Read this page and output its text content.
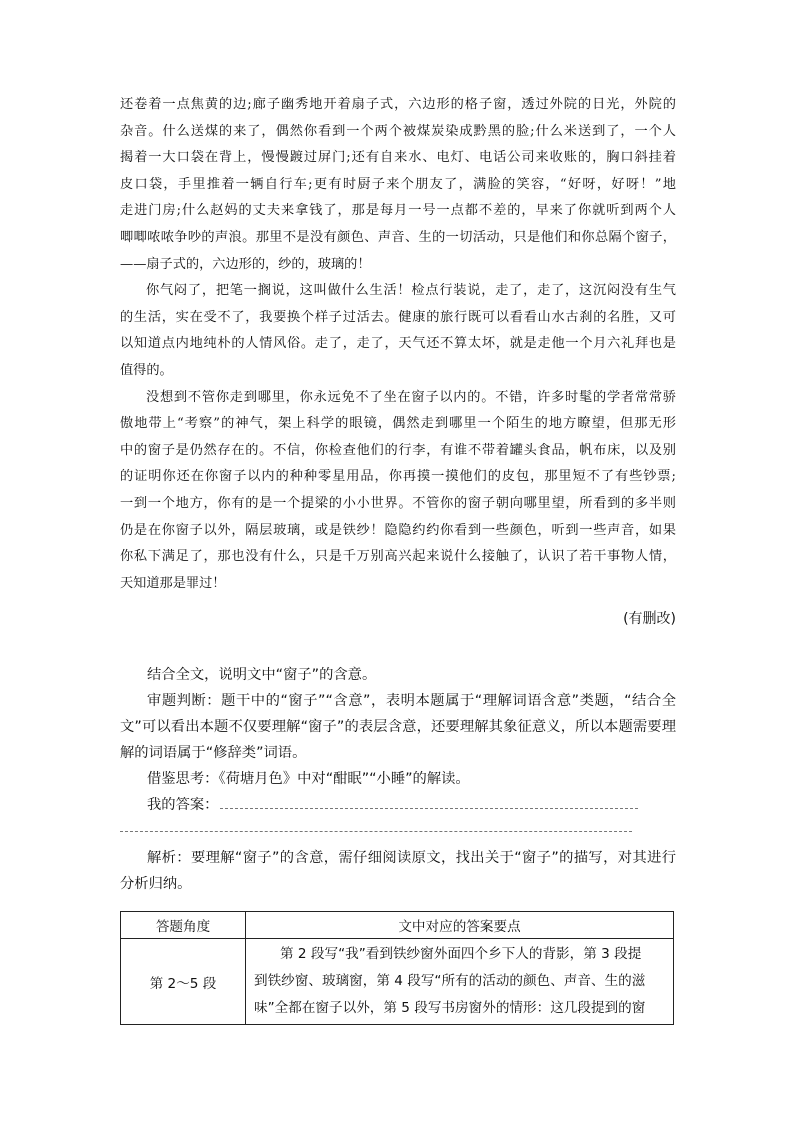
还卷着一点焦黄的边;廊子幽秀地开着扇子式，六边形的格子窗，透过外院的日光，外院的
杂音。什么送煤的来了，偶然你看到一个两个被煤炭染成黔黑的脸;什么米送到了，一个人
揭着一大口袋在背上，慢慢踱过屏门;还有自来水、电灯、电话公司来收账的，胸口斜挂着
皮口袋，手里推着一辆自行车;更有时厨子来个朋友了，满脸的笑容，“好呀，好呀！”地
走进门房;什么赵妈的丈夫来拿钱了，那是每月一号一点都不差的，早来了你就听到两个人
唧唧哝哝争吵的声浪。那里不是没有颜色、声音、生的一切活动，只是他们和你总隔个窗子，

——扇子式的，六边形的，纱的，玻璃的！

你气闷了，把笔一搁说，这叫做什么生活！检点行装说，走了，走了，这沉闷没有生气
的生活，实在受不了，我要换个样子过活去。健康的旅行既可以看看山水古刹的名胜，又可
以知道点内地纯朴的人情风俗。走了，走了，天气还不算太坏，就是走他一个月六礼拜也是

值得的。

没想到不管你走到哪里，你永远免不了坐在窗子以内的。不错，许多时髦的学者常常骄
傲地带上“考察”的神气，架上科学的眼镜，偶然走到哪里一个陌生的地方瞭望，但那无形
中的窗子是仍然存在的。不信，你检查他们的行李，有谁不带着罐头食品，帆布床，以及别
的证明你还在你窗子以内的种种零星用品，你再摸一摸他们的皮包，那里短不了有些钞票;
一到一个地方，你有的是一个提梁的小小世界。不管你的窗子朝向哪里望，所看到的多半则
仍是在你窗子以外，隔层玻璃，或是铁纱！隐隐约约你看到一些颜色，听到一些声音，如果
你私下满足了，那也没有什么，只是千万别高兴起来说什么接触了，认识了若干事物人情，

天知道那是罪过！

(有删改)

结合全文，说明文中“窗子”的含意。

审题判断：题干中的“窗子”“含意”，表明本题属于“理解词语含意”类题，“结合全
文”可以看出本题不仅要理解“窗子”的表层含意，还要理解其象征意义，所以本题需要理

解的词语属于“修辞类”词语。

借鉴思考：《荷塘月色》中对“酣眠”“小睡”的解读。

我的答案：

解析：要理解“窗子”的含意，需仔细阅读原文，找出关于“窗子”的描写，对其进行

分析归纳。

答题角度	文中对应的答案要点
第 2～5 段	第 2 段写“我”看到铁纱窗外面四个乡下人的背影，第 3 段提
到铁纱窗、玻璃窗，第 4 段写“所有的活动的颜色、声音、生的滋
味”全都在窗子以外，第 5 段写书房窗外的情形：这几段提到的窗
